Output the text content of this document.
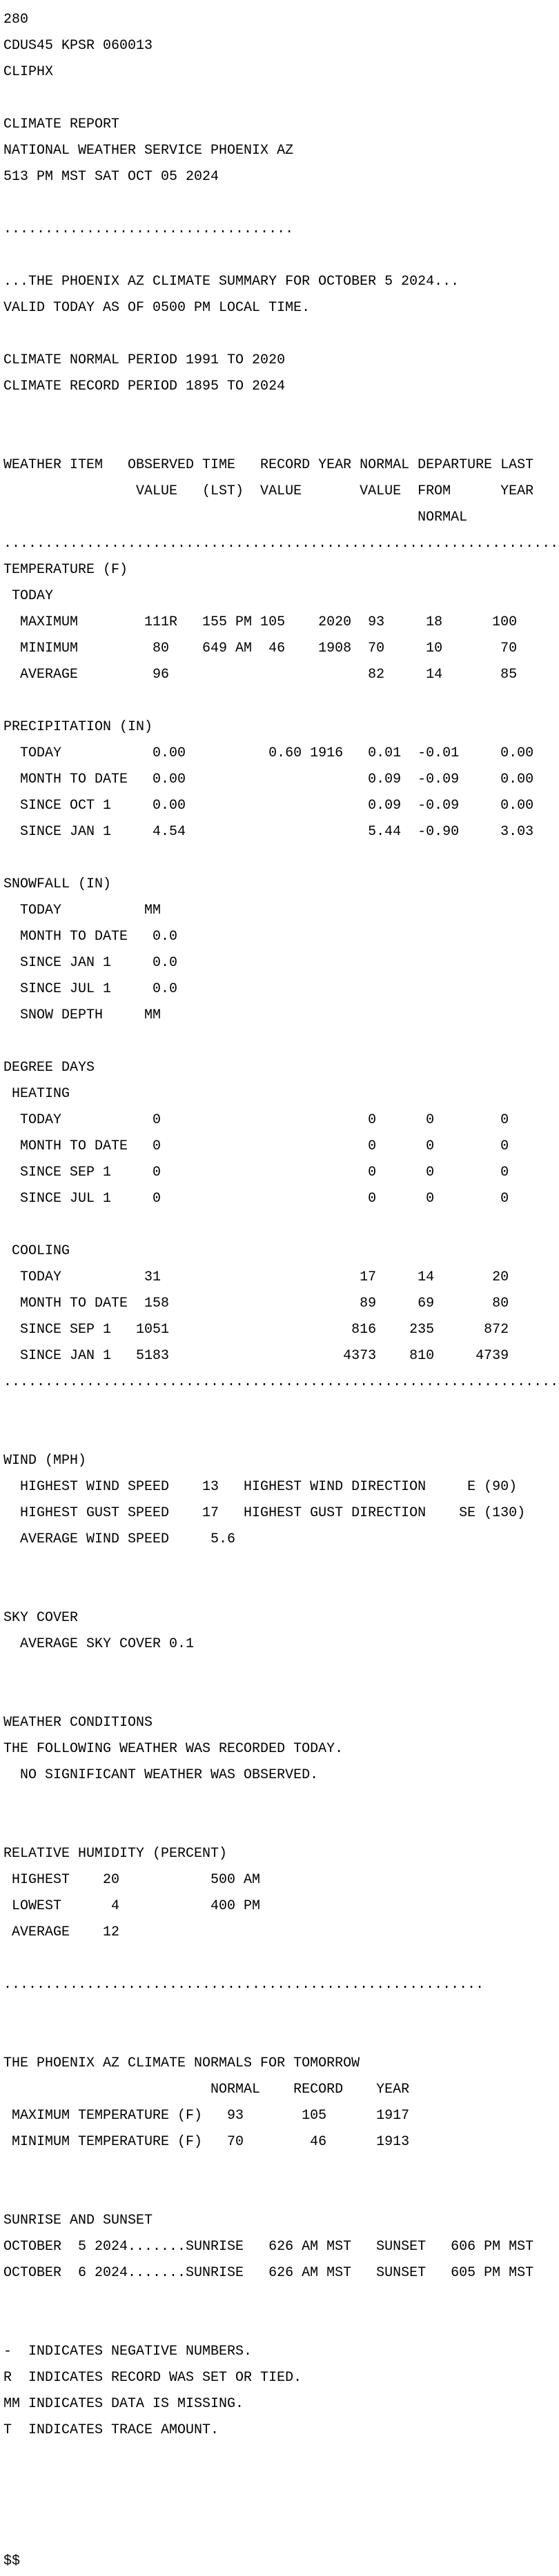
280

CDUS45 KPSR 060013

CLIPHX

CLIMATE REPORT

NATIONAL WEATHER SERVICE PHOENIX AZ

513 PM MST SAT OCT 05 2024

...................................

...THE PHOENIX AZ CLIMATE SUMMARY FOR OCTOBER 5 2024...

VALID TODAY AS OF 0500 PM LOCAL TIME.

CLIMATE NORMAL PERIOD 1991 TO 2020

CLIMATE RECORD PERIOD 1895 TO 2024

WEATHER ITEM   OBSERVED TIME   RECORD YEAR NORMAL DEPARTURE LAST

VALUE   (LST)  VALUE       VALUE  FROM      YEAR

NORMAL

...................................................................

TEMPERATURE (F)

TODAY

MAXIMUM        111R   155 PM 105    2020  93     18      100

MINIMUM         80    649 AM  46    1908  70     10       70

AVERAGE         96                        82     14       85

PRECIPITATION (IN)

TODAY           0.00          0.60 1916   0.01  -0.01     0.00

MONTH TO DATE   0.00                      0.09  -0.09     0.00

SINCE OCT 1     0.00                      0.09  -0.09     0.00

SINCE JAN 1     4.54                      5.44  -0.90     3.03

SNOWFALL (IN)

TODAY          MM

MONTH TO DATE   0.0

SINCE JAN 1     0.0

SINCE JUL 1     0.0

SNOW DEPTH     MM

DEGREE DAYS

HEATING

TODAY           0                         0      0        0

MONTH TO DATE   0                         0      0        0

SINCE SEP 1     0                         0      0        0

SINCE JUL 1     0                         0      0        0

COOLING

TODAY          31                        17     14       20

MONTH TO DATE  158                       89     69       80

SINCE SEP 1   1051                      816    235      872

SINCE JAN 1   5183                     4373    810     4739

...................................................................

WIND (MPH)

HIGHEST WIND SPEED    13   HIGHEST WIND DIRECTION     E (90)

HIGHEST GUST SPEED    17   HIGHEST GUST DIRECTION    SE (130)

AVERAGE WIND SPEED     5.6

SKY COVER

AVERAGE SKY COVER 0.1

WEATHER CONDITIONS

THE FOLLOWING WEATHER WAS RECORDED TODAY.

NO SIGNIFICANT WEATHER WAS OBSERVED.

RELATIVE HUMIDITY (PERCENT)

HIGHEST    20           500 AM

LOWEST      4           400 PM

AVERAGE    12

..........................................................

THE PHOENIX AZ CLIMATE NORMALS FOR TOMORROW

NORMAL    RECORD    YEAR

MAXIMUM TEMPERATURE (F)   93       105      1917

MINIMUM TEMPERATURE (F)   70        46      1913

SUNRISE AND SUNSET

OCTOBER  5 2024.......SUNRISE   626 AM MST   SUNSET   606 PM MST

OCTOBER  6 2024.......SUNRISE   626 AM MST   SUNSET   605 PM MST

-  INDICATES NEGATIVE NUMBERS.

R  INDICATES RECORD WAS SET OR TIED.

MM INDICATES DATA IS MISSING.

T  INDICATES TRACE AMOUNT.

$$
